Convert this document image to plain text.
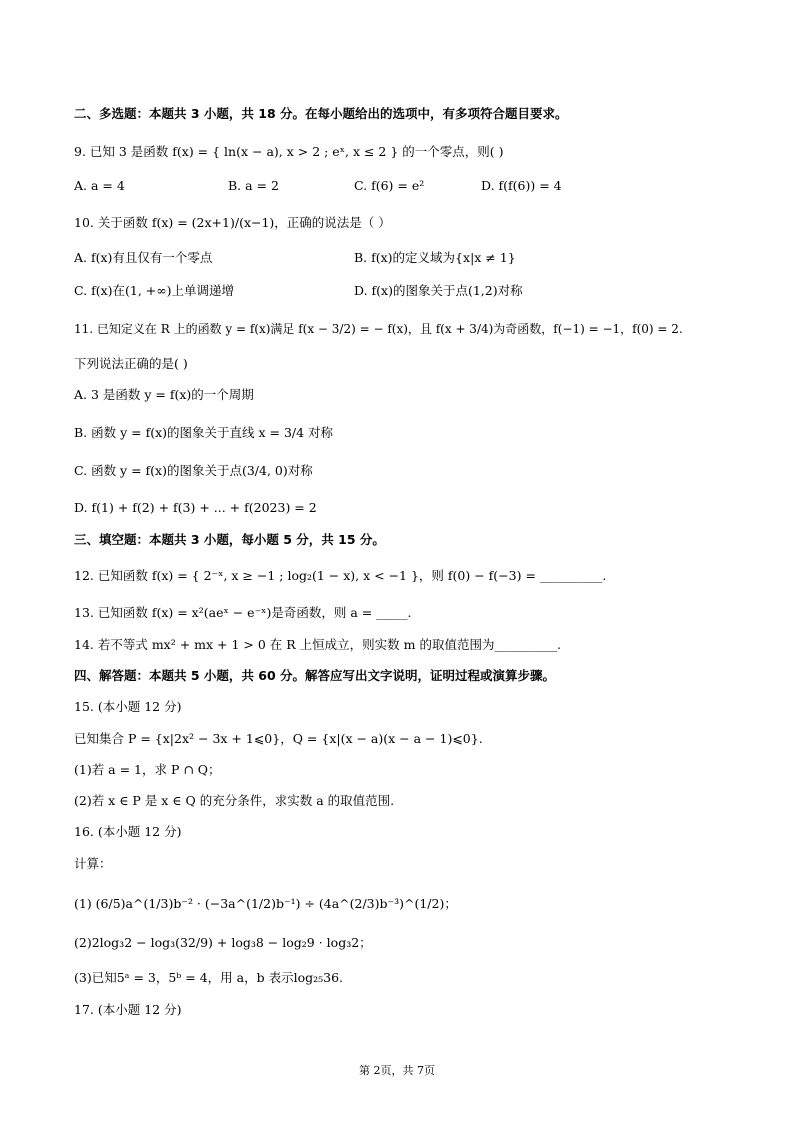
二、多选题：本题共 3 小题，共 18 分。在每小题给出的选项中，有多项符合题目要求。
9. 已知 3 是函数 f(x) = { ln(x − a), x > 2 ; eˣ, x ≤ 2 } 的一个零点，则( )
A. a = 4	B. a = 2	C. f(6) = e²	D. f(f(6)) = 4
10. 关于函数 f(x) = (2x+1)/(x−1)，正确的说法是（ ）
A. f(x)有且仅有一个零点	B. f(x)的定义域为{x|x ≠ 1}
C. f(x)在(1, +∞)上单调递增	D. f(x)的图象关于点(1,2)对称
11. 已知定义在 R 上的函数 y = f(x)满足 f(x − 3/2) = − f(x)，且 f(x + 3/4)为奇函数，f(−1) = −1，f(0) = 2.
下列说法正确的是( )
A. 3 是函数 y = f(x)的一个周期
B. 函数 y = f(x)的图象关于直线 x = 3/4 对称
C. 函数 y = f(x)的图象关于点(3/4, 0)对称
D. f(1) + f(2) + f(3) + ... + f(2023) = 2
三、填空题：本题共 3 小题，每小题 5 分，共 15 分。
12. 已知函数 f(x) = { 2⁻ˣ, x ≥ −1 ; log₂(1 − x), x < −1 }，则 f(0) − f(−3) = __________.
13. 已知函数 f(x) = x²(aeˣ − e⁻ˣ)是奇函数，则 a = _____.
14. 若不等式 mx² + mx + 1 > 0 在 R 上恒成立，则实数 m 的取值范围为__________.
四、解答题：本题共 5 小题，共 60 分。解答应写出文字说明，证明过程或演算步骤。
15. (本小题 12 分)
已知集合 P = {x|2x² − 3x + 1⩽0}，Q = {x|(x − a)(x − a − 1)⩽0}.
(1)若 a = 1，求 P ∩ Q；
(2)若 x ∈ P 是 x ∈ Q 的充分条件，求实数 a 的取值范围.
16. (本小题 12 分)
计算：
(1) (6/5)a^(1/3)b⁻² · (−3a^(1/2)b⁻¹) ÷ (4a^(2/3)b⁻³)^(1/2)；
(2)2log₃2 − log₃(32/9) + log₃8 − log₂9 · log₃2；
(3)已知5ᵃ = 3，5ᵇ = 4，用 a，b 表示log₂₅36.
17. (本小题 12 分)
第 2页，共 7页
